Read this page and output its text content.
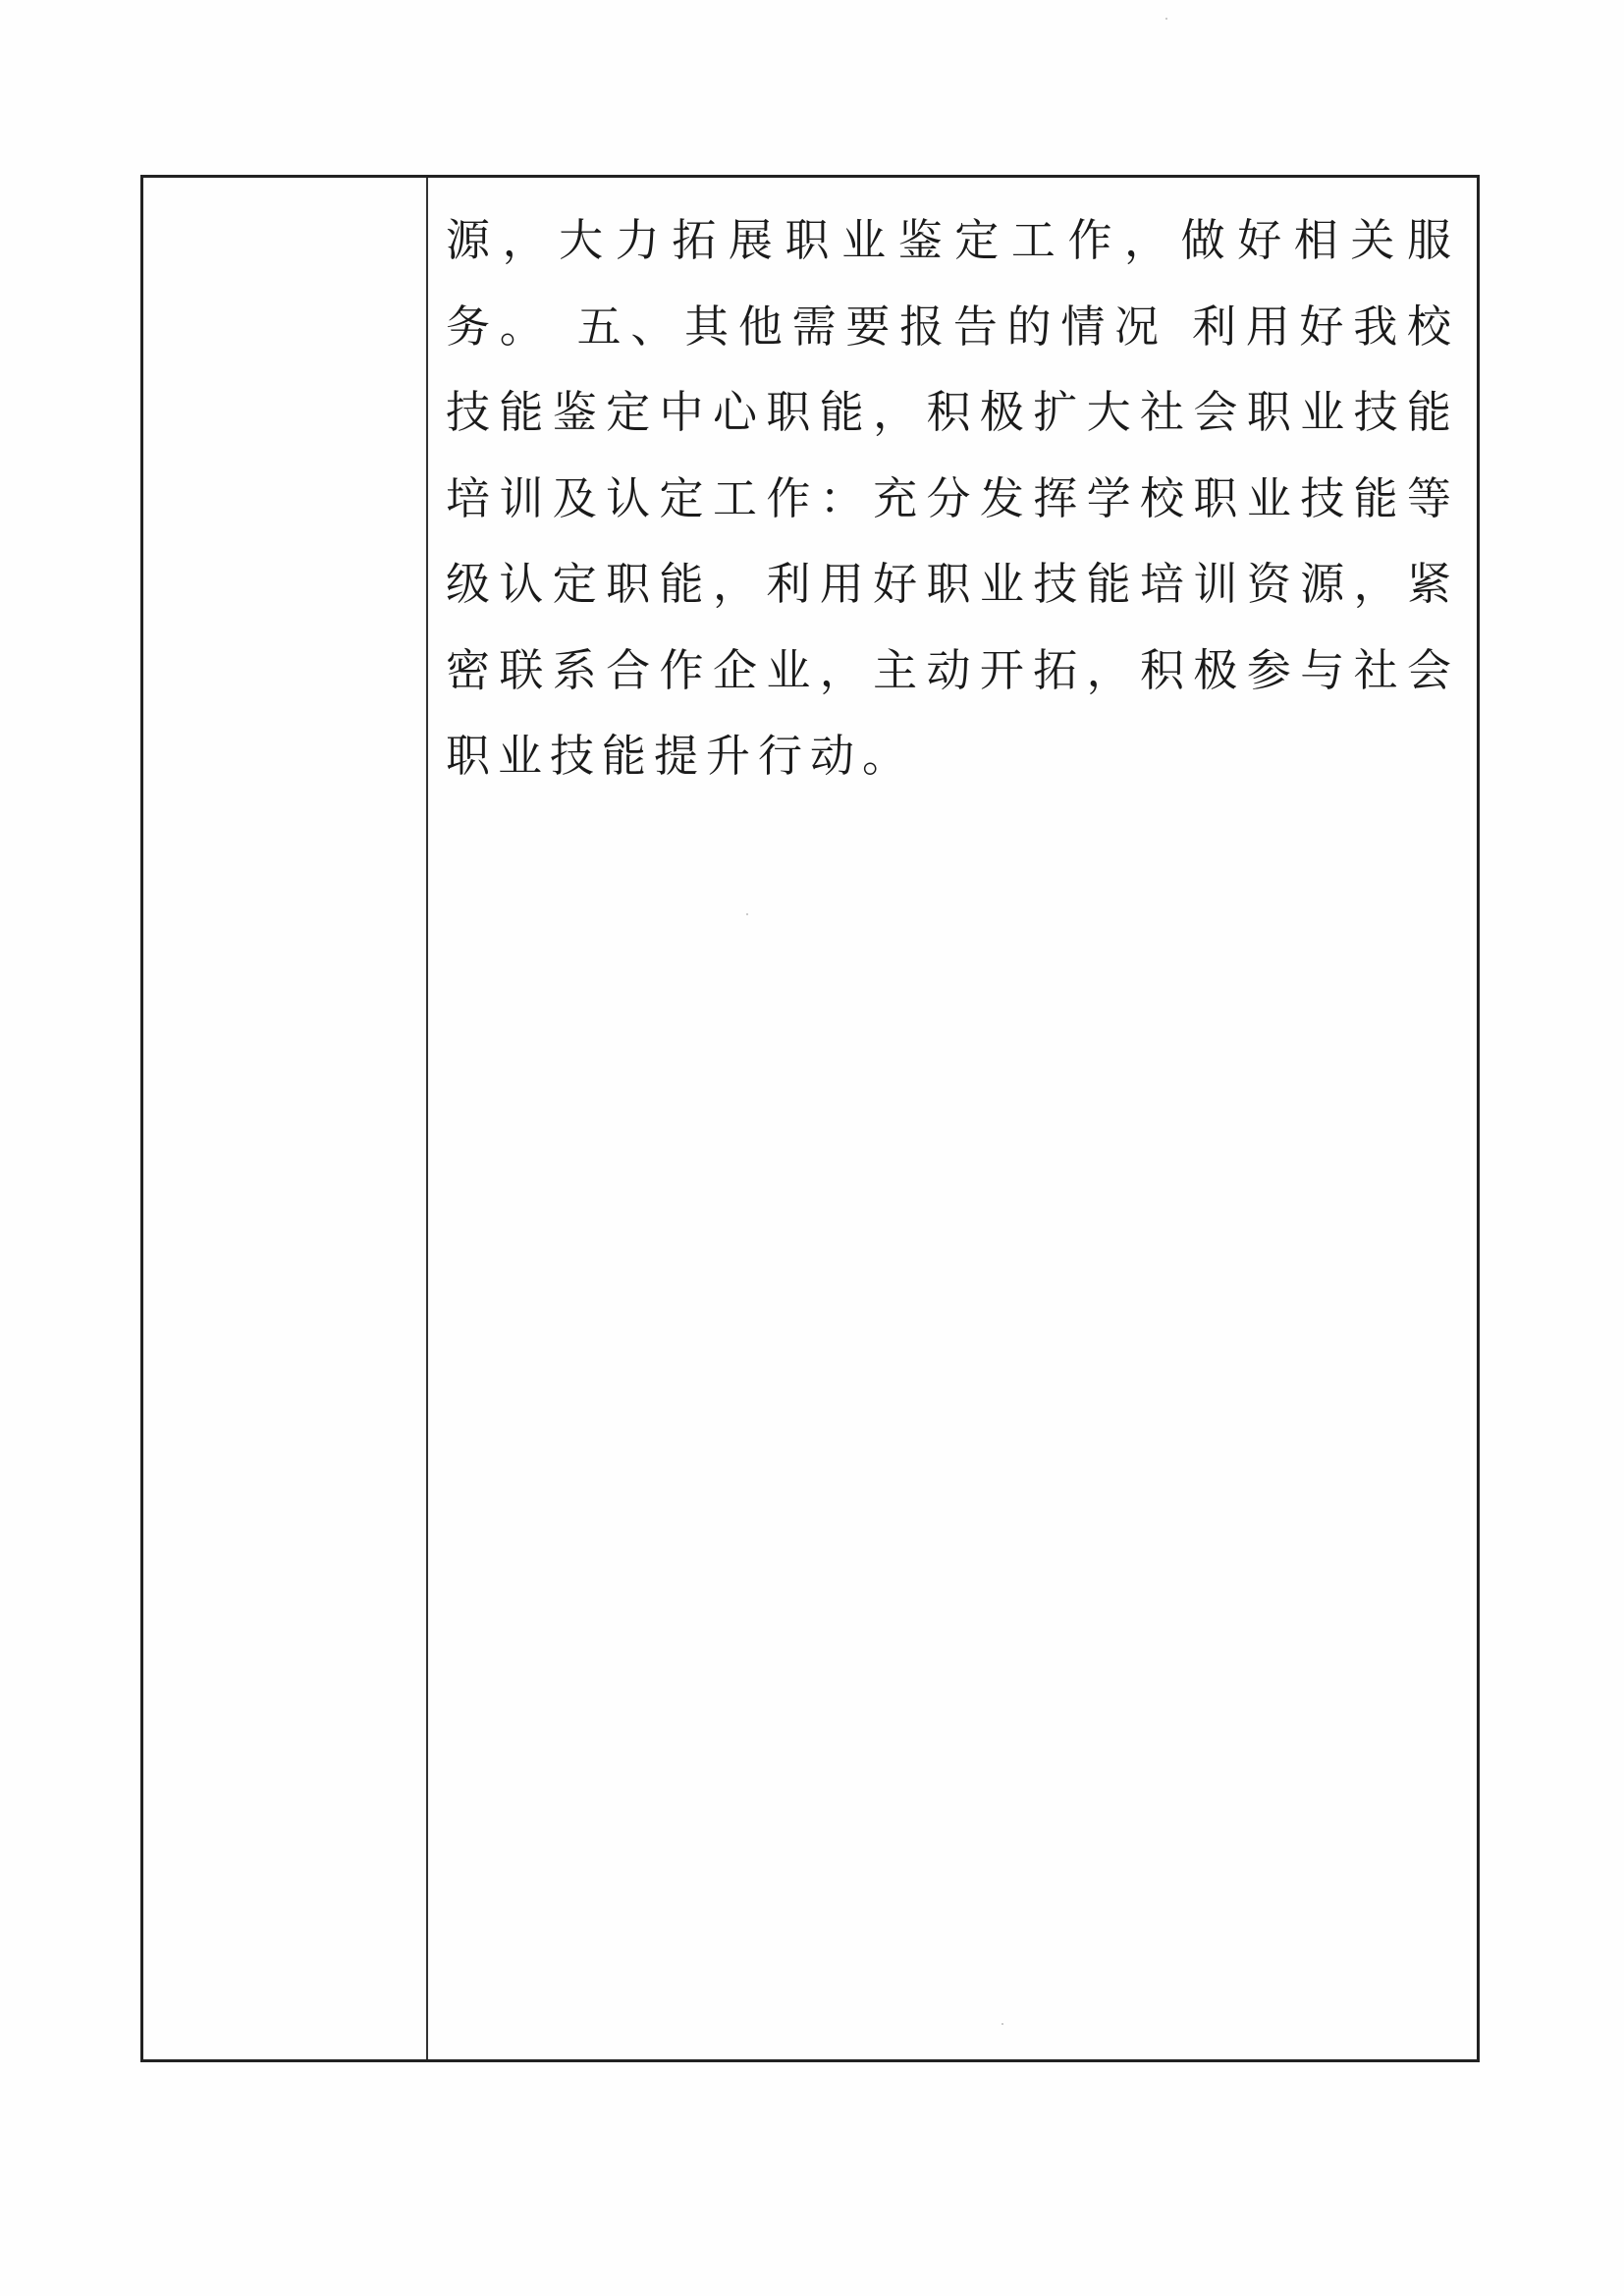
源，大力拓展职业鉴定工作，做好相关服务。 五、其他需要报告的情况 利用好我校技能鉴定中心职能，积极扩大社会职业技能培训及认定工作：充分发挥学校职业技能等级认定职能，利用好职业技能培训资源，紧密联系合作企业，主动开拓，积极参与社会职业技能提升行动。
